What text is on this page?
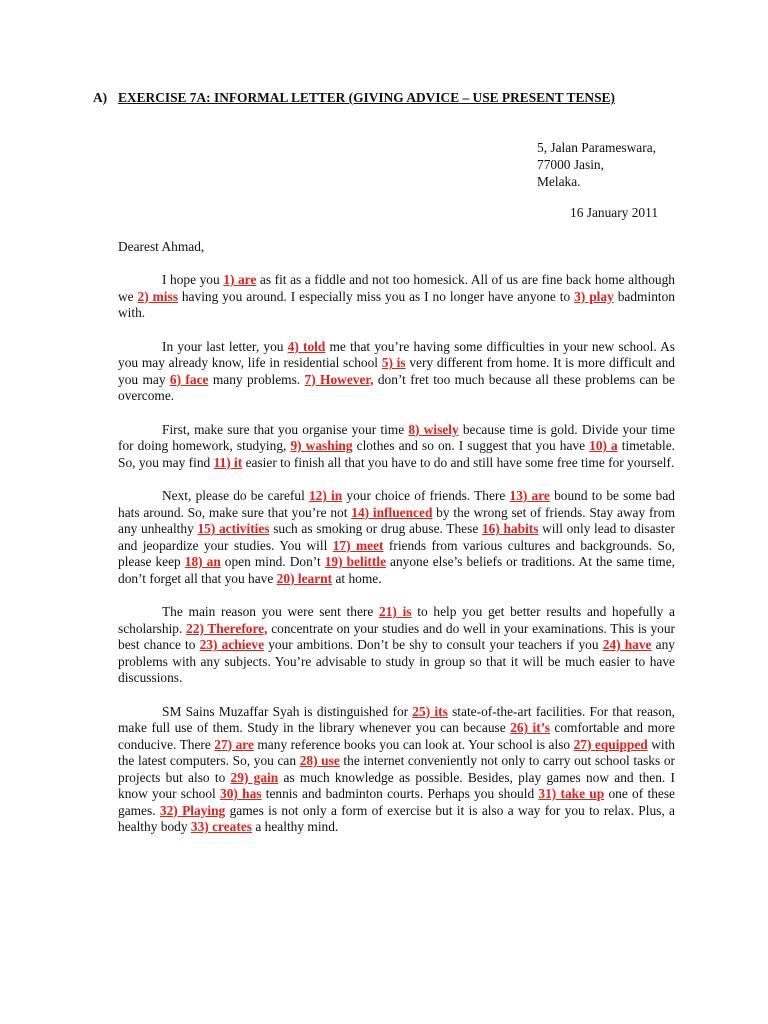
A) EXERCISE 7A: INFORMAL LETTER (GIVING ADVICE – USE PRESENT TENSE)
5, Jalan Parameswara,
77000 Jasin,
Melaka.
16 January 2011
Dearest Ahmad,

I hope you 1) are as fit as a fiddle and not too homesick. All of us are fine back home although we 2) miss having you around. I especially miss you as I no longer have anyone to 3) play badminton with.

In your last letter, you 4) told me that you’re having some difficulties in your new school. As you may already know, life in residential school 5) is very different from home. It is more difficult and you may 6) face many problems. 7) However, don’t fret too much because all these problems can be overcome.

First, make sure that you organise your time 8) wisely because time is gold. Divide your time for doing homework, studying, 9) washing clothes and so on. I suggest that you have 10) a timetable. So, you may find 11) it easier to finish all that you have to do and still have some free time for yourself.

Next, please do be careful 12) in your choice of friends. There 13) are bound to be some bad hats around. So, make sure that you’re not 14) influenced by the wrong set of friends. Stay away from any unhealthy 15) activities such as smoking or drug abuse. These 16) habits will only lead to disaster and jeopardize your studies. You will 17) meet friends from various cultures and backgrounds. So, please keep 18) an open mind. Don’t 19) belittle anyone else’s beliefs or traditions. At the same time, don’t forget all that you have 20) learnt at home.

The main reason you were sent there 21) is to help you get better results and hopefully a scholarship. 22) Therefore, concentrate on your studies and do well in your examinations. This is your best chance to 23) achieve your ambitions. Don’t be shy to consult your teachers if you 24) have any problems with any subjects. You’re advisable to study in group so that it will be much easier to have discussions.

SM Sains Muzaffar Syah is distinguished for 25) its state-of-the-art facilities. For that reason, make full use of them. Study in the library whenever you can because 26) it’s comfortable and more conducive. There 27) are many reference books you can look at. Your school is also 27) equipped with the latest computers. So, you can 28) use the internet conveniently not only to carry out school tasks or projects but also to 29) gain as much knowledge as possible. Besides, play games now and then. I know your school 30) has tennis and badminton courts. Perhaps you should 31) take up one of these games. 32) Playing games is not only a form of exercise but it is also a way for you to relax. Plus, a healthy body 33) creates a healthy mind.
